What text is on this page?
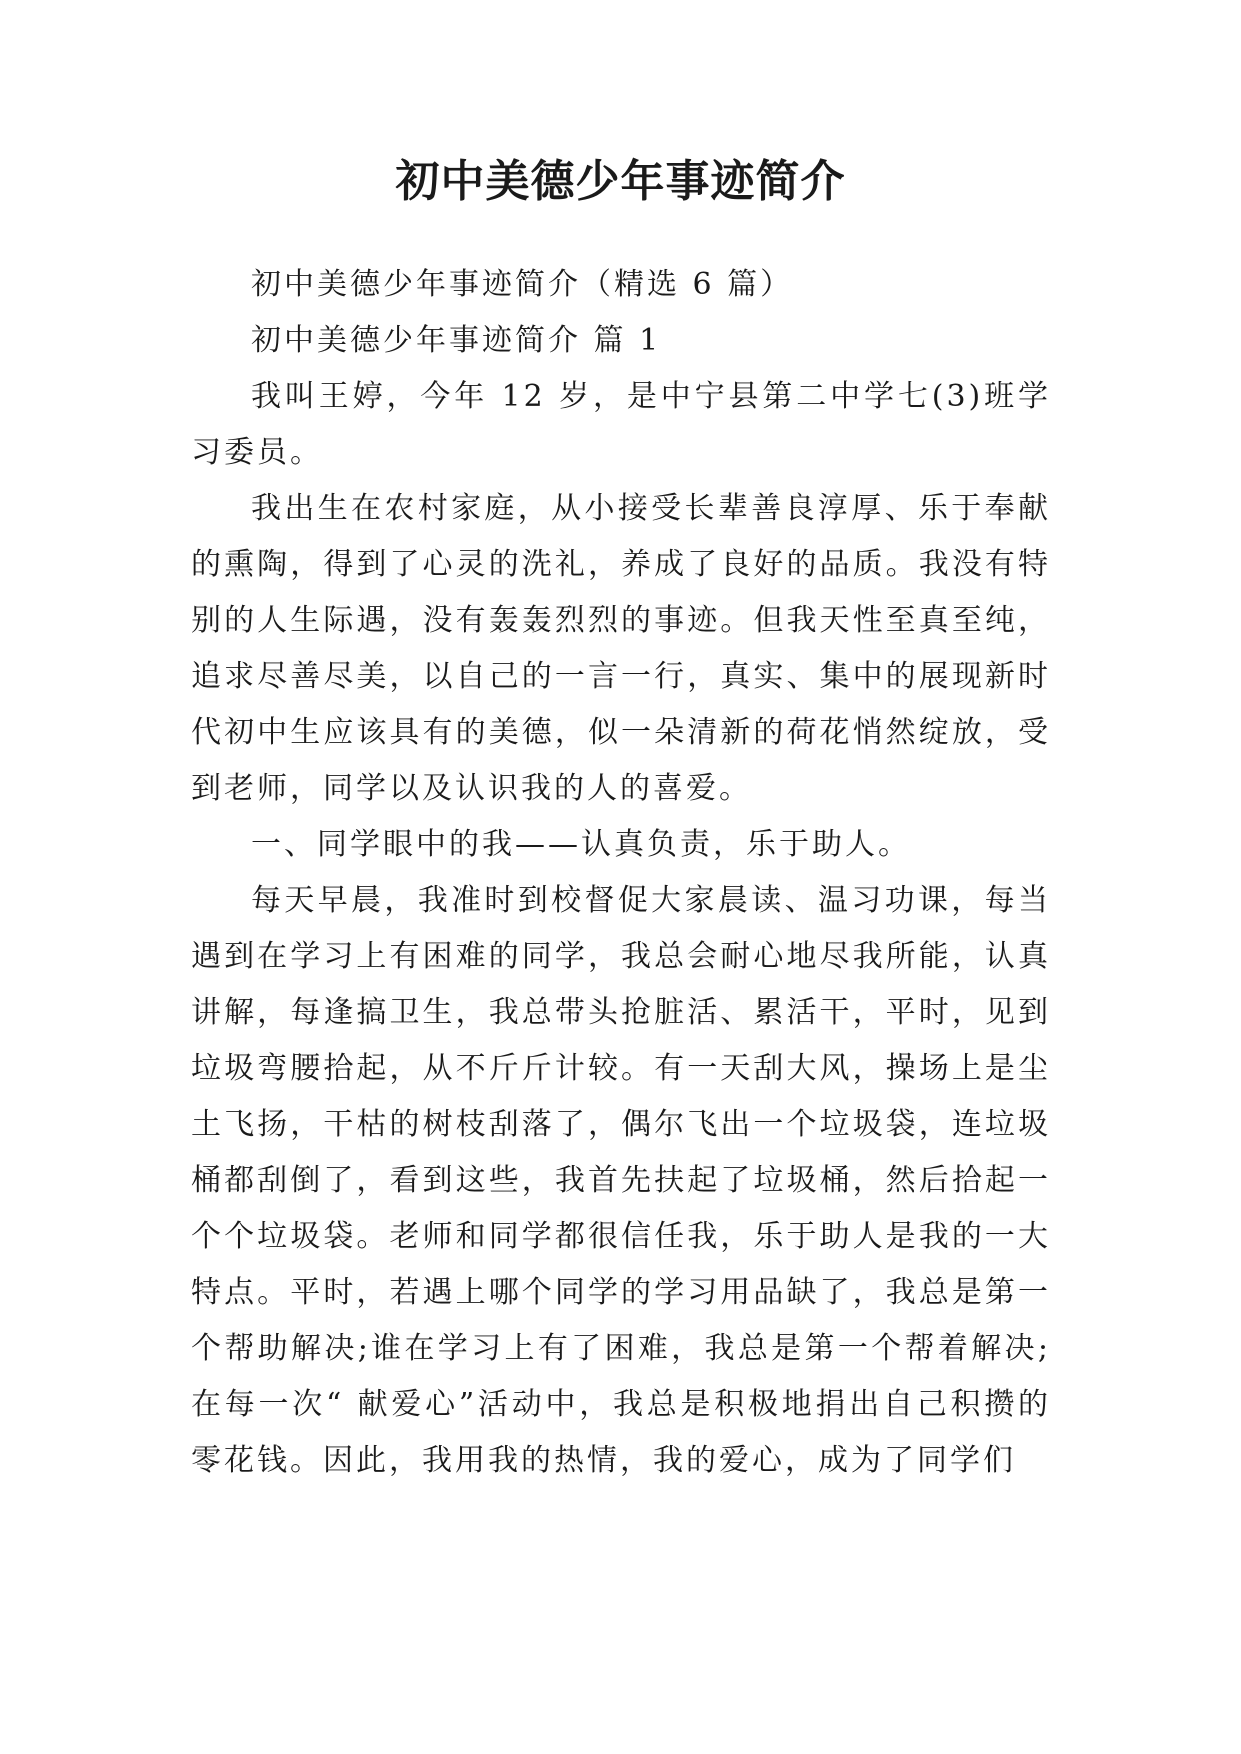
初中美德少年事迹简介

初中美德少年事迹简介（精选 6 篇）

初中美德少年事迹简介 篇 1

我叫王婷，今年 12 岁，是中宁县第二中学七(3)班学习委员。

我出生在农村家庭，从小接受长辈善良淳厚、乐于奉献的熏陶，得到了心灵的洗礼，养成了良好的品质。我没有特别的人生际遇，没有轰轰烈烈的事迹。但我天性至真至纯，追求尽善尽美，以自己的一言一行，真实、集中的展现新时代初中生应该具有的美德，似一朵清新的荷花悄然绽放，受到老师，同学以及认识我的人的喜爱。

一、同学眼中的我——认真负责，乐于助人。

每天早晨，我准时到校督促大家晨读、温习功课，每当遇到在学习上有困难的同学，我总会耐心地尽我所能，认真讲解，每逢搞卫生，我总带头抢脏活、累活干，平时，见到垃圾弯腰拾起，从不斤斤计较。有一天刮大风，操场上是尘土飞扬，干枯的树枝刮落了，偶尔飞出一个垃圾袋，连垃圾桶都刮倒了，看到这些，我首先扶起了垃圾桶，然后拾起一个个垃圾袋。老师和同学都很信任我，乐于助人是我的一大特点。平时，若遇上哪个同学的学习用品缺了，我总是第一个帮助解决;谁在学习上有了困难，我总是第一个帮着解决;在每一次“ 献爱心”活动中，我总是积极地捐出自己积攒的零花钱。因此，我用我的热情，我的爱心，成为了同学们
